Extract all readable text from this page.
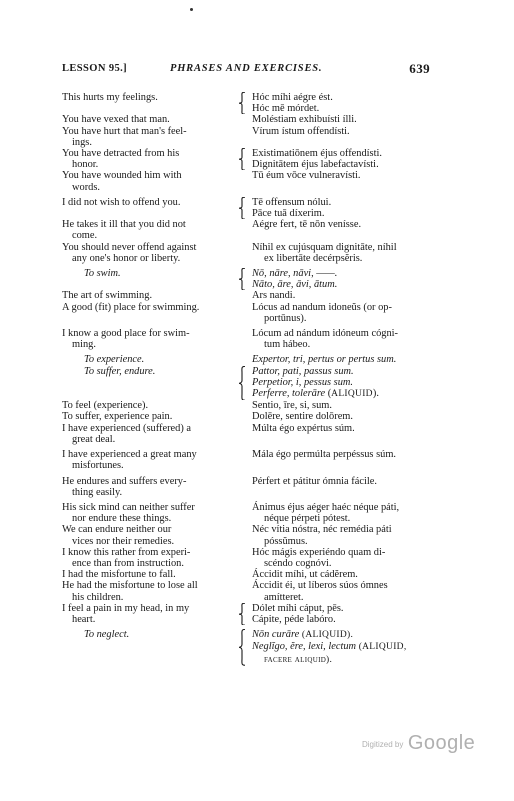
LESSON 95.]	PHRASES AND EXERCISES.	639
This hurts my feelings.	Hóc míhi aégre ést.
Hóc mē mórdet.
You have vexed that man.	Moléstiam exhibuísti ílli.
You have hurt that man's feel-
ings.
Vírum ístum offendísti.
You have detracted from his
honor.
Existimatiōnem éjus offendísti.
Dignitātem éjus labefactavísti.
You have wounded him with
words.
Tū éum vōce vulneravísti.
I did not wish to offend you.	Tē offensum nólui.
Pāce tuā díxerim.
He takes it ill that you did not
come.
Aégre fert, tē nōn venísse.
You should never offend against
any one's honor or liberty.
Níhil ex cujúsquam dignitāte, níhil
ex libertāte decérpsĕris.
To swim.	Nō, nāre, nāvi, ——.
Nāto, āre, āvi, ātum.
The art of swimming.	Ars nandi.
A good (fit) place for swimming.	Lócus ad nandum idoneŭs (or op-
portūnus).
I know a good place for swim-
ming.
Lócum ad nándum idóneum cógni-
tum hábeo.
To experience.	Expertor, tri, pertus or pertus sum.
To suffer, endure.	Pattor, pati, passus sum.
Perpetior, i, pessus sum.
Perferre, tolerāre (ALIQUID).
To feel (experience).	Sentio, īre, si, sum.
To suffer, experience pain.	Dolēre, sentire dolōrem.
I have experienced (suffered) a
great deal.
Múlta égo expértus súm.
I have experienced a great many
misfortunes.
Mála égo permúlta perpéssus súm.
He endures and suffers every-
thing easily.
Pérfert et pátitur ómnia fácile.
His sick mind can neither suffer
nor endure these things.
Ánimus éjus aéger haéc néque páti,
néque pérpeti pótest.
We can endure neither our
vices nor their remedies.
Néc vítia nóstra, néc remédia páti
póssŭmus.
I know this rather from experi-
ence than from instruction.
Hóc mágis experiéndo quam di-
scéndo cognóvi.
I had the misfortune to fall.	Áccidit míhi, ut cádĕrem.
He had the misfortune to lose all
his children.
Áccidit éi, ut líberos súos ómnes
amítteret.
I feel a pain in my head, in my
heart.
Dólet míhi cáput, pēs.
Cápite, péde labóro.
To neglect.	Nōn curāre (ALIQUID).
Neglĭgo, ĕre, lexi, lectum (ALIQUID,
facere aliquid).
Digitized by Google
